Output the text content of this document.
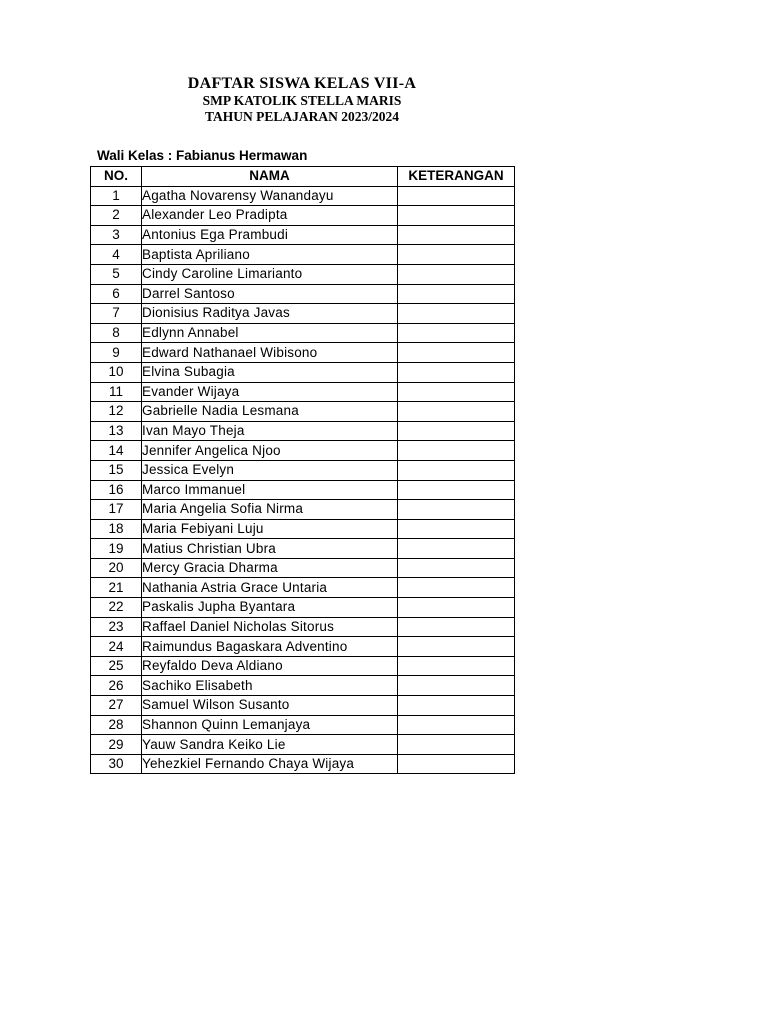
DAFTAR SISWA KELAS VII-A
SMP KATOLIK STELLA MARIS
TAHUN PELAJARAN 2023/2024
Wali Kelas : Fabianus Hermawan
NO.	NAMA	KETERANGAN
1	Agatha Novarensy Wanandayu	
2	Alexander Leo Pradipta	
3	Antonius Ega Prambudi	
4	Baptista Apriliano	
5	Cindy Caroline Limarianto	
6	Darrel Santoso	
7	Dionisius Raditya Javas	
8	Edlynn Annabel	
9	Edward Nathanael Wibisono	
10	Elvina Subagia	
11	Evander Wijaya	
12	Gabrielle Nadia Lesmana	
13	Ivan Mayo Theja	
14	Jennifer Angelica Njoo	
15	Jessica Evelyn	
16	Marco Immanuel	
17	Maria Angelia Sofia Nirma	
18	Maria Febiyani Luju	
19	Matius Christian Ubra	
20	Mercy Gracia Dharma	
21	Nathania Astria Grace Untaria	
22	Paskalis Jupha Byantara	
23	Raffael Daniel Nicholas Sitorus	
24	Raimundus Bagaskara Adventino	
25	Reyfaldo Deva Aldiano	
26	Sachiko Elisabeth	
27	Samuel Wilson Susanto	
28	Shannon Quinn Lemanjaya	
29	Yauw Sandra Keiko Lie	
30	Yehezkiel Fernando Chaya Wijaya	
